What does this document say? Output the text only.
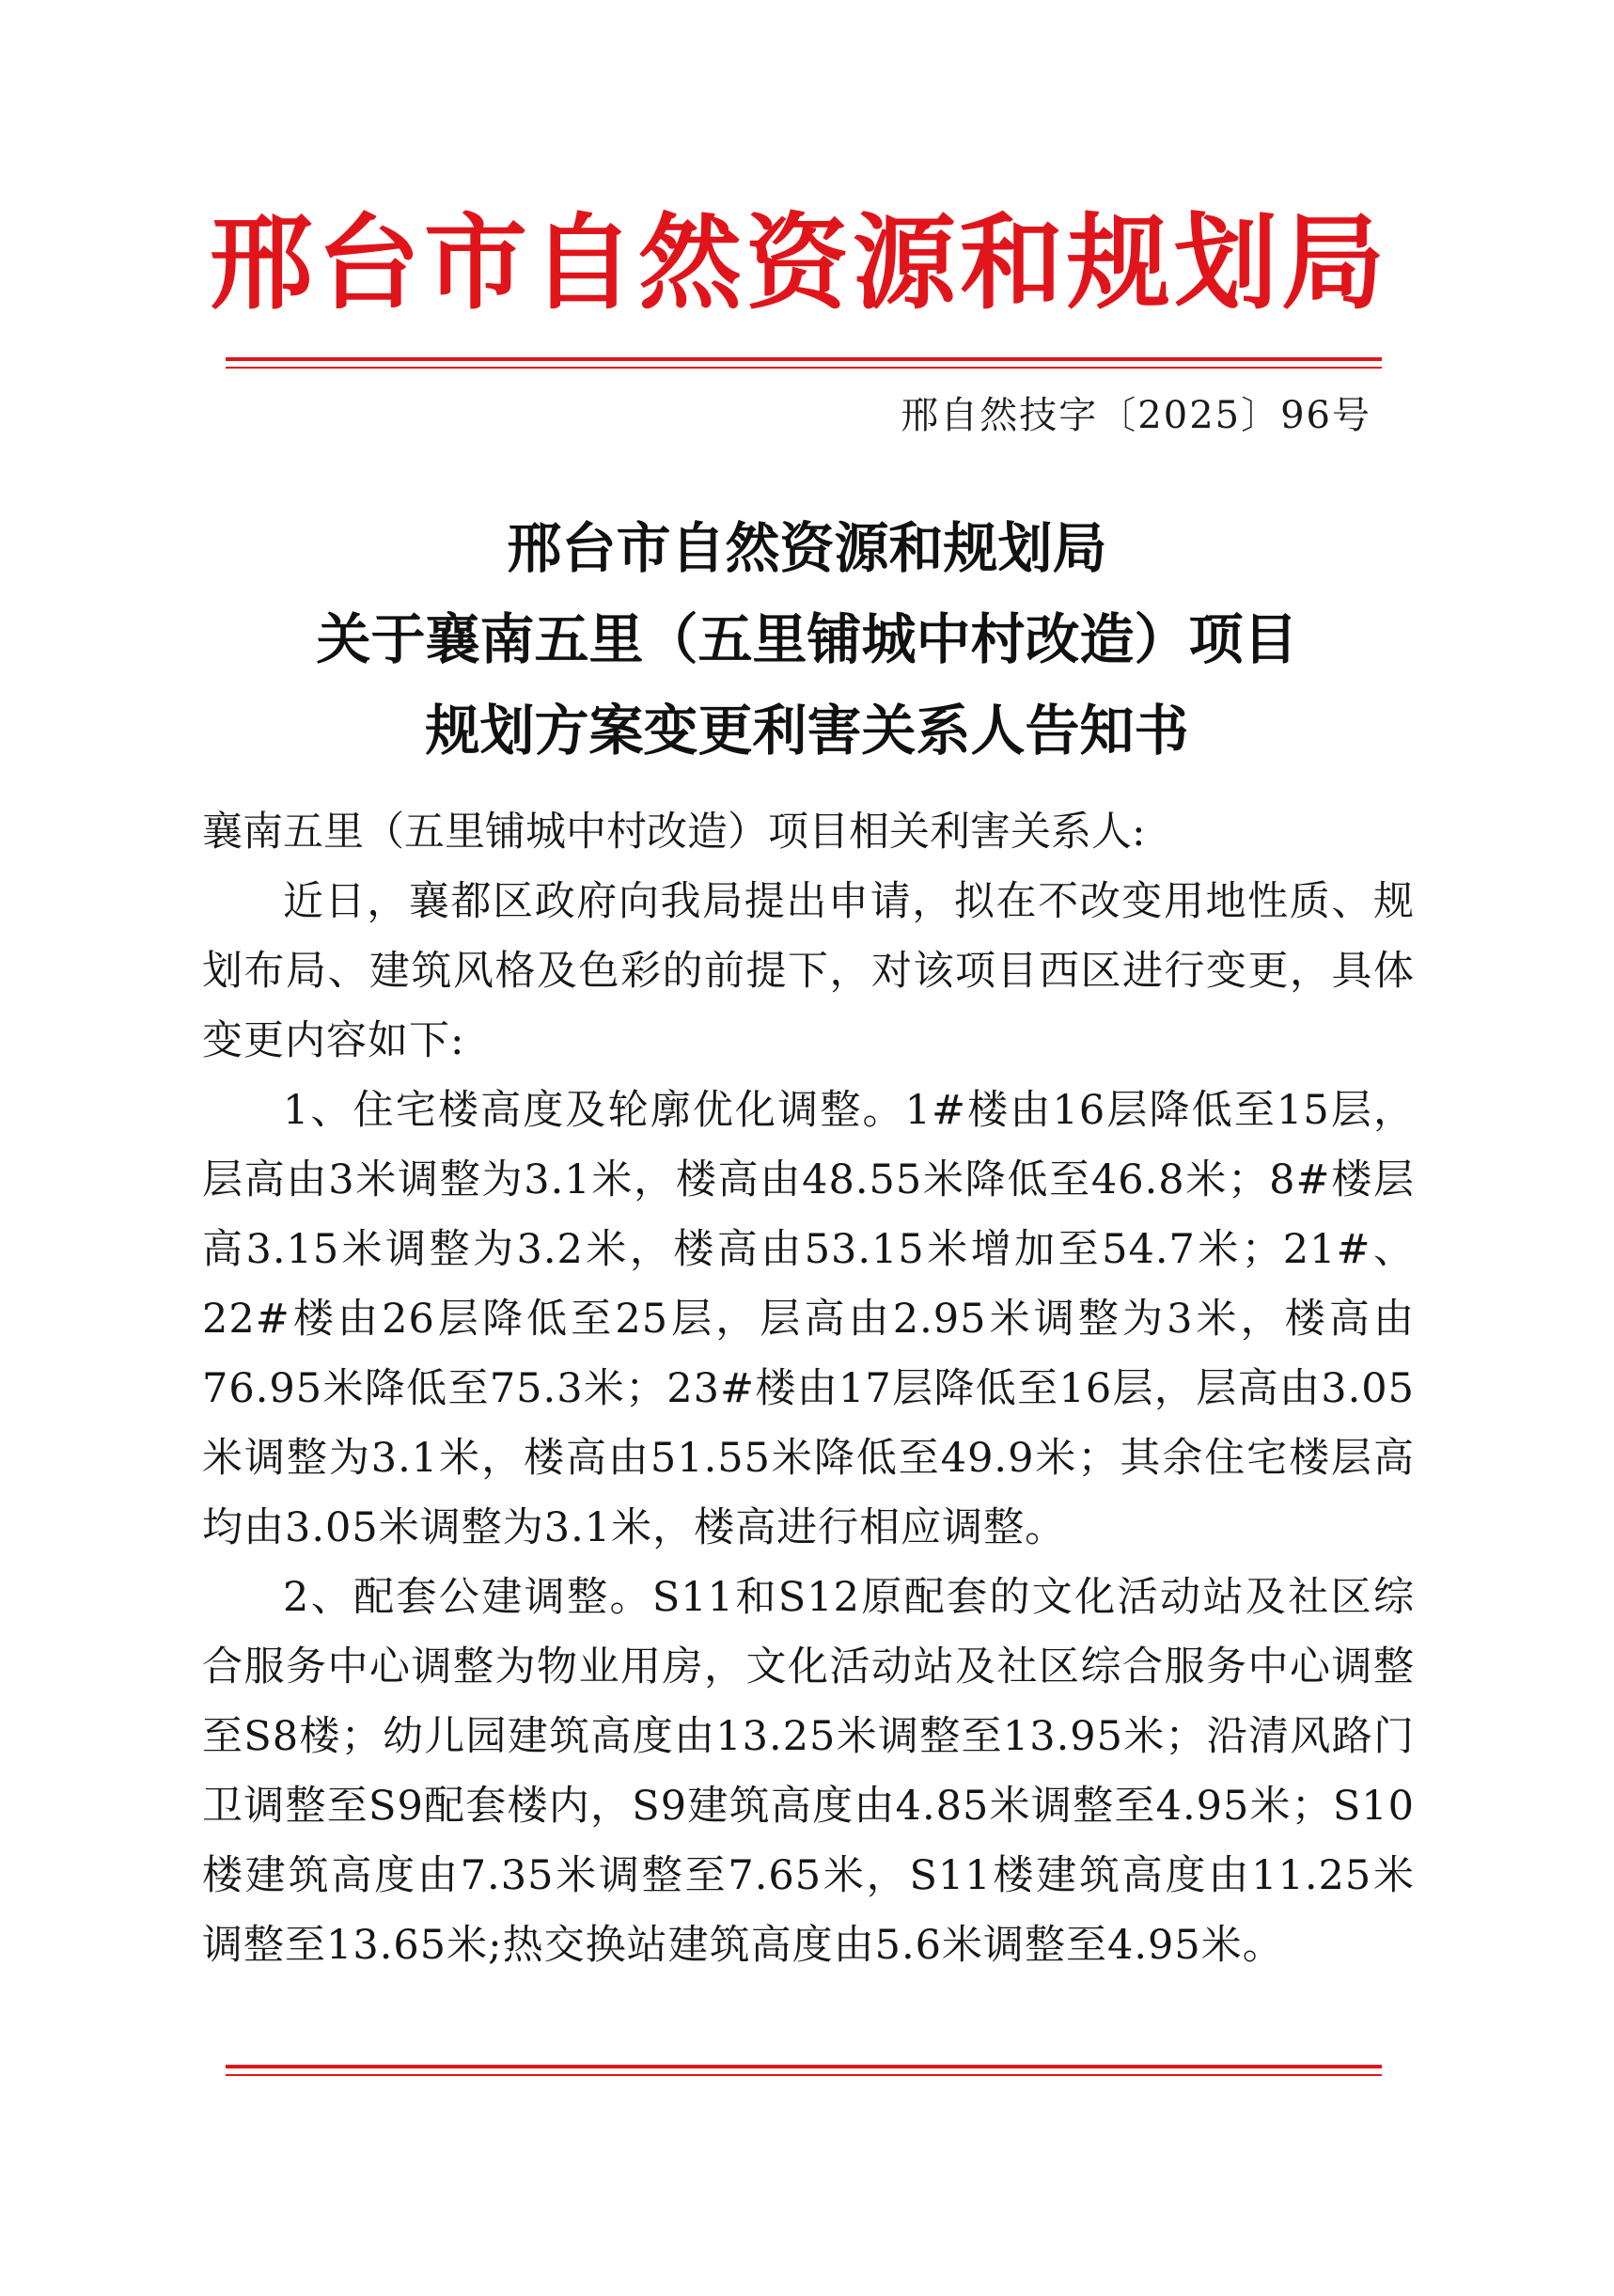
邢台市自然资源和规划局
邢自然技字〔2025〕96号
邢台市自然资源和规划局
关于襄南五里（五里铺城中村改造）项目
规划方案变更利害关系人告知书

襄南五里（五里铺城中村改造）项目相关利害关系人:

近日，襄都区政府向我局提出申请，拟在不改变用地性质、规划布局、建筑风格及色彩的前提下，对该项目西区进行变更，具体变更内容如下:

1、住宅楼高度及轮廓优化调整。1#楼由16层降低至15层，层高由3米调整为3.1米，楼高由48.55米降低至46.8米；8#楼层高3.15米调整为3.2米，楼高由53.15米增加至54.7米；21#、22#楼由26层降低至25层，层高由2.95米调整为3米，楼高由76.95米降低至75.3米；23#楼由17层降低至16层，层高由3.05米调整为3.1米，楼高由51.55米降低至49.9米；其余住宅楼层高均由3.05米调整为3.1米，楼高进行相应调整。

2、配套公建调整。S11和S12原配套的文化活动站及社区综合服务中心调整为物业用房，文化活动站及社区综合服务中心调整至S8楼；幼儿园建筑高度由13.25米调整至13.95米；沿清风路门卫调整至S9配套楼内，S9建筑高度由4.85米调整至4.95米；S10楼建筑高度由7.35米调整至7.65米，S11楼建筑高度由11.25米调整至13.65米;热交换站建筑高度由5.6米调整至4.95米。
